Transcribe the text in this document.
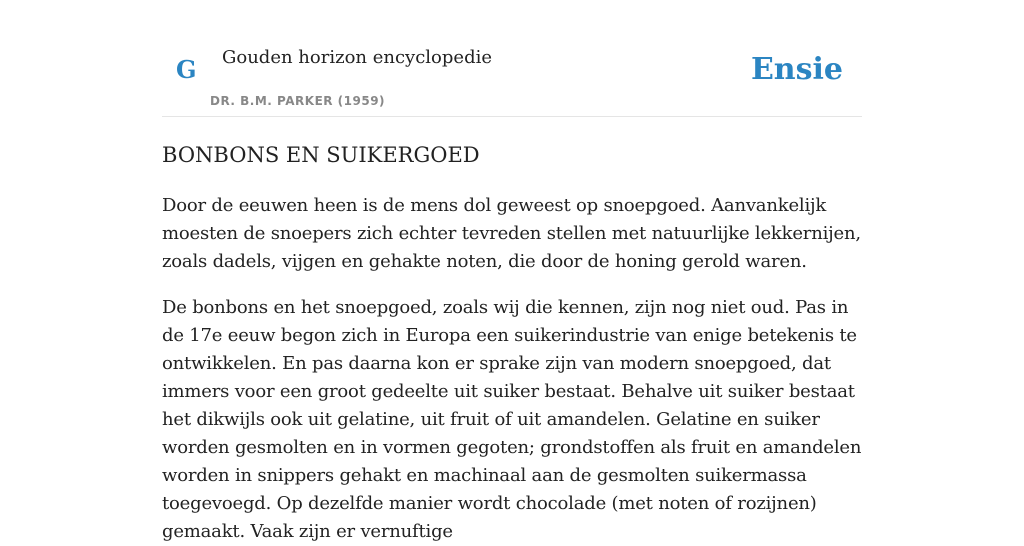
G Gouden horizon encyclopedie
DR. B.M. PARKER (1959)
Ensie
BONBONS EN SUIKERGOED

Door de eeuwen heen is de mens dol geweest op snoepgoed. Aanvankelijk moesten de snoepers zich echter tevreden stellen met natuurlijke lekkernijen, zoals dadels, vijgen en gehakte noten, die door de honing gerold waren.

De bonbons en het snoepgoed, zoals wij die kennen, zijn nog niet oud. Pas in de 17e eeuw begon zich in Europa een suikerindustrie van enige betekenis te ontwikkelen. En pas daarna kon er sprake zijn van modern snoepgoed, dat immers voor een groot gedeelte uit suiker bestaat. Behalve uit suiker bestaat het dikwijls ook uit gelatine, uit fruit of uit amandelen. Gelatine en suiker worden gesmolten en in vormen gegoten; grondstoffen als fruit en amandelen worden in snippers gehakt en machinaal aan de gesmolten suikermassa toegevoegd. Op dezelfde manier wordt chocolade (met noten of rozijnen) gemaakt. Vaak zijn er vernuftige
